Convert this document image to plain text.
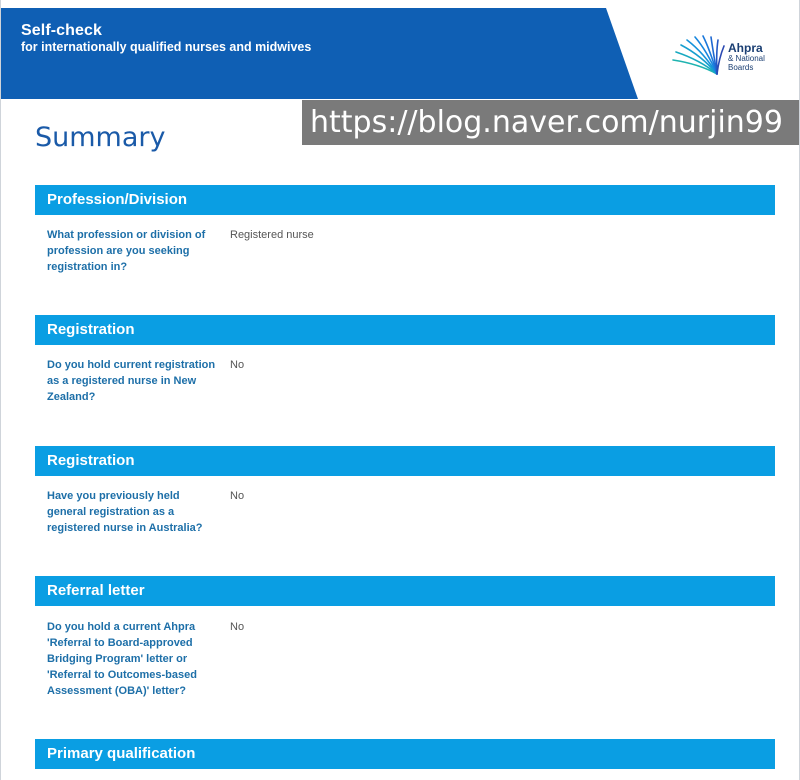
Self-check
for internationally qualified nurses and midwives	Ahpra
& National
Boards
https://blog.naver.com/nurjin99
Summary
Profession/Division
What profession or division of profession are you seeking registration in?
Registered nurse
Registration
Do you hold current registration as a registered nurse in New Zealand?
No
Registration
Have you previously held general registration as a registered nurse in Australia?
No
Referral letter
Do you hold a current Ahpra 'Referral to Board-approved Bridging Program' letter or 'Referral to Outcomes-based Assessment (OBA)' letter?
No
Primary qualification
